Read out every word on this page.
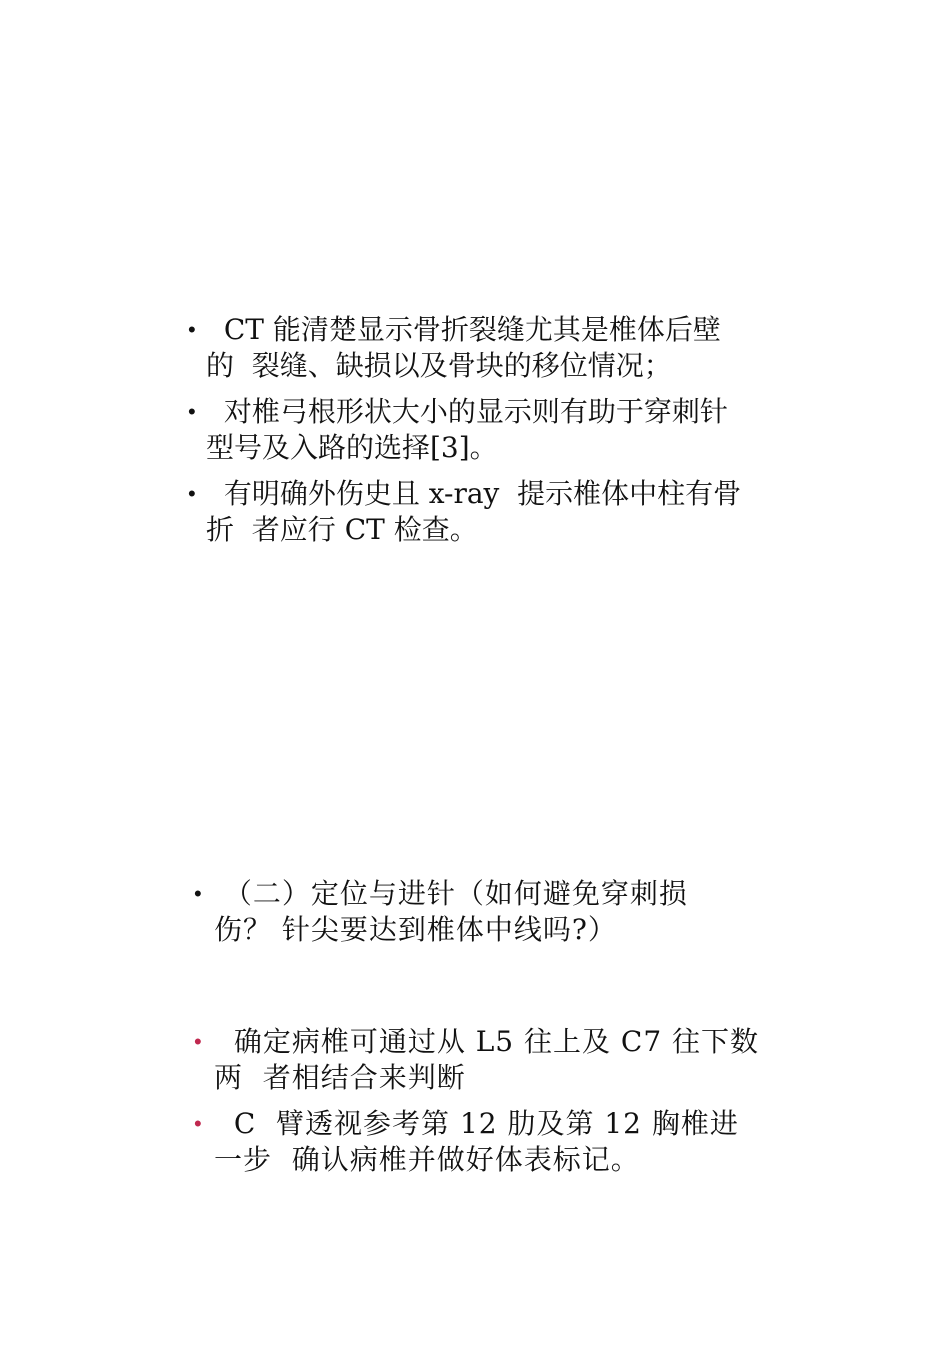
• CT 能清楚显示骨折裂缝尤其是椎体后壁
的  裂缝、缺损以及骨块的移位情况；
• 对椎弓根形状大小的显示则有助于穿刺针
型号及入路的选择[3]。
• 有明确外伤史且 x-ray  提示椎体中柱有骨
折  者应行 CT 检查。
• （二）定位与进针（如何避免穿刺损
伤？ 针尖要达到椎体中线吗?）
• 确定病椎可通过从 L5 往上及 C7 往下数
两  者相结合来判断
• C  臂透视参考第 12 肋及第 12 胸椎进
一步  确认病椎并做好体表标记。
